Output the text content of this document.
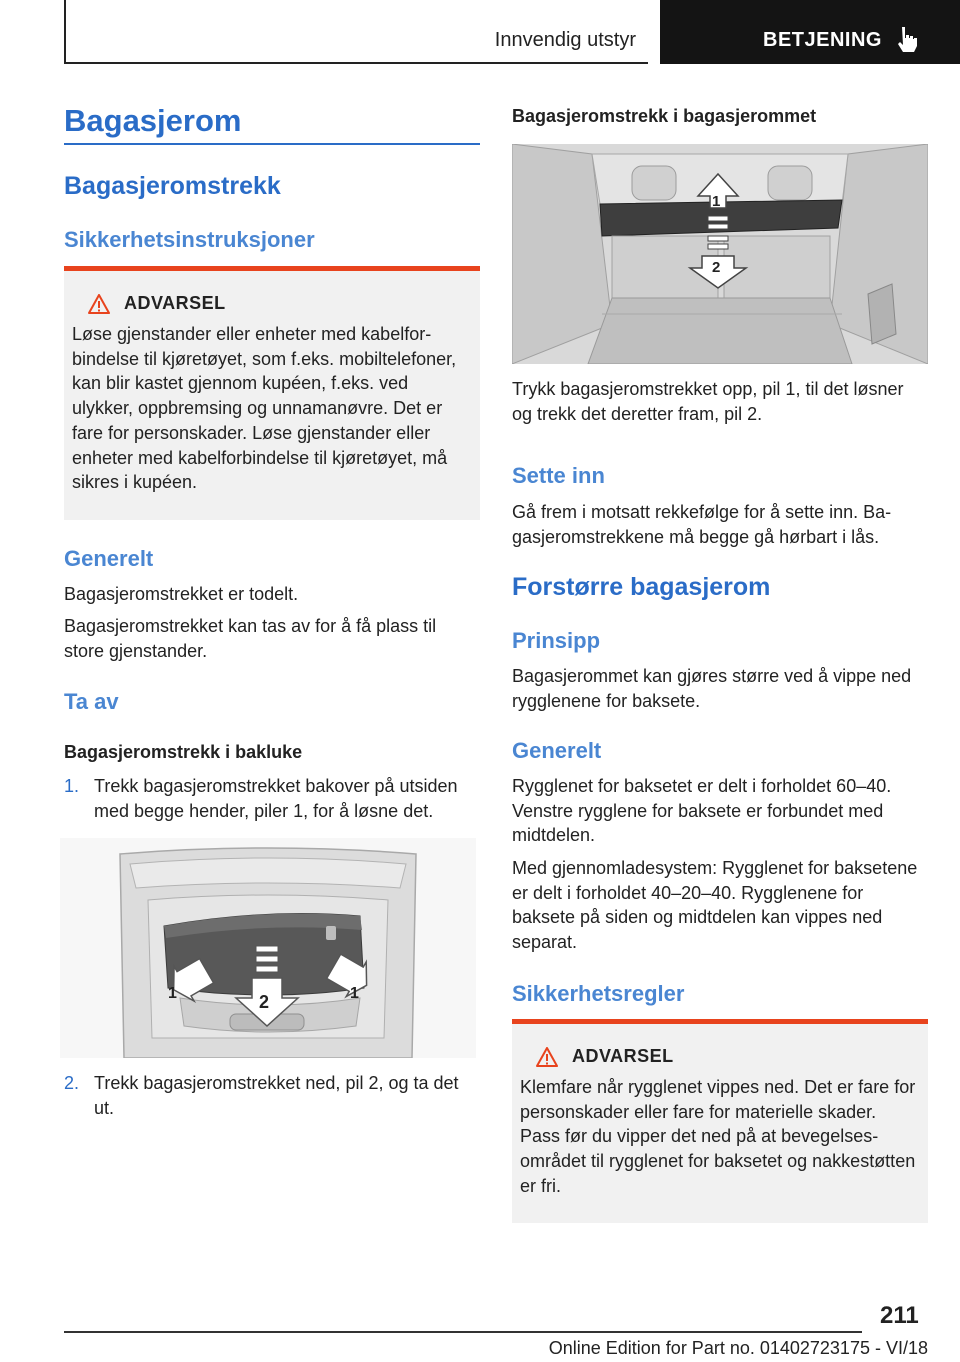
Innvendig utstyr	BETJENING
Bagasjerom
Bagasjeromstrekk
Sikkerhetsinstruksjoner
ADVARSEL
Løse gjenstander eller enheter med kabelforbindelse til kjøretøyet, som f.eks. mobiltelefoner, kan blir kastet gjennom kupéen, f.eks. ved ulykker, oppbremsing og unnamanøvre. Det er fare for personskader. Løse gjenstander eller enheter med kabelforbindelse til kjøretøyet, må sikres i kupéen.
Generelt

Bagasjeromstrekket er todelt.

Bagasjeromstrekket kan tas av for å få plass til store gjenstander.

Ta av
Bagasjeromstrekk i bakluke
1. Trekk bagasjeromstrekket bakover på utsiden med begge hender, piler 1, for å løsne det.
1	2	1
2. Trekk bagasjeromstrekket ned, pil 2, og ta det ut.
Bagasjeromstrekk i bagasjerommet
1
2

Trykk bagasjeromstrekket opp, pil 1, til det løsner og trekk det deretter fram, pil 2.

Sette inn

Gå frem i motsatt rekkefølge for å sette inn. Bagasjeromstrekkene må begge gå hørbart i lås.

Forstørre bagasjerom
Prinsipp

Bagasjerommet kan gjøres større ved å vippe ned rygglenene for baksete.

Generelt

Rygglenet for baksetet er delt i forholdet 60–40. Venstre rygglene for baksete er forbundet med midtdelen.

Med gjennomladesystem: Rygglenet for baksetene er delt i forholdet 40–20–40. Rygglenene for baksete på siden og midtdelen kan vippes ned separat.

Sikkerhetsregler
ADVARSEL
Klemfare når rygglenet vippes ned. Det er fare for personskader eller fare for materielle skader. Pass før du vipper det ned på at bevegelsesområdet til rygglenet for baksetet og nakkestøtten er fri.
211
Online Edition for Part no. 01402723175 - VI/18
